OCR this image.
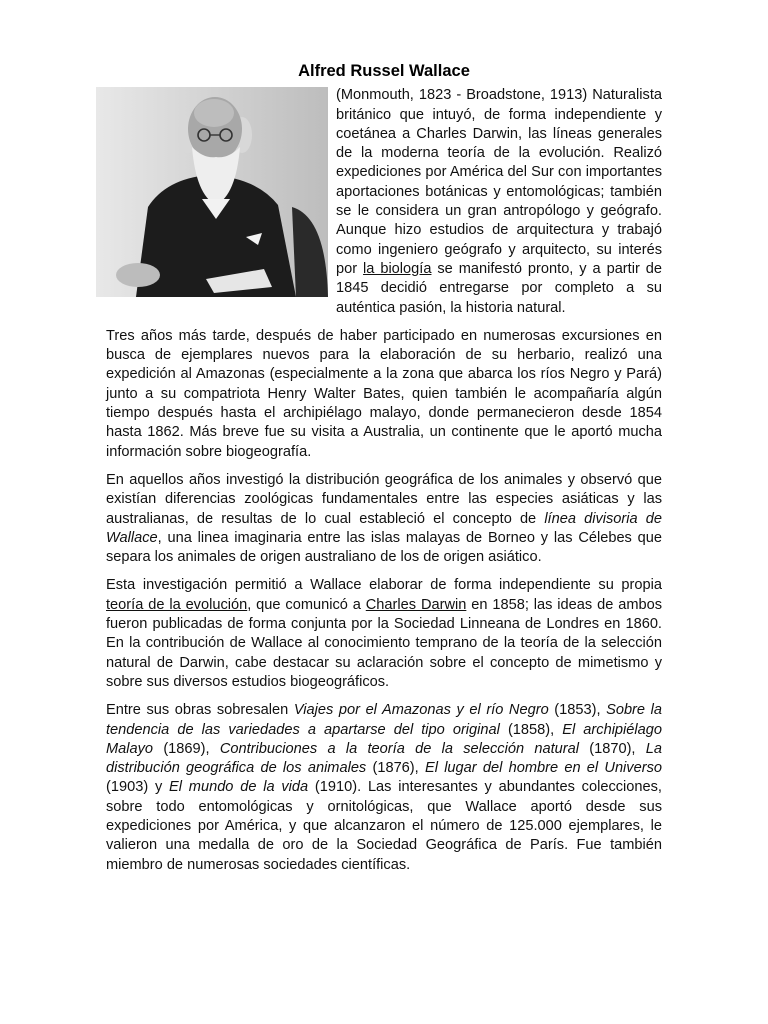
Alfred Russel Wallace

(Monmouth, 1823 - Broadstone, 1913) Naturalista británico que intuyó, de forma independiente y coetánea a Charles Darwin, las líneas generales de la moderna teoría de la evolución. Realizó expediciones por América del Sur con importantes aportaciones botánicas y entomológicas; también se le considera un gran antropólogo y geógrafo. Aunque hizo estudios de arquitectura y trabajó como ingeniero geógrafo y arquitecto, su interés por la biología se manifestó pronto, y a partir de 1845 decidió entregarse por completo a su auténtica pasión, la historia natural.

Tres años más tarde, después de haber participado en numerosas excursiones en busca de ejemplares nuevos para la elaboración de su herbario, realizó una expedición al Amazonas (especialmente a la zona que abarca los ríos Negro y Pará) junto a su compatriota Henry Walter Bates, quien también le acompañaría algún tiempo después hasta el archipiélago malayo, donde permanecieron desde 1854 hasta 1862. Más breve fue su visita a Australia, un continente que le aportó mucha información sobre biogeografía.

En aquellos años investigó la distribución geográfica de los animales y observó que existían diferencias zoológicas fundamentales entre las especies asiáticas y las australianas, de resultas de lo cual estableció el concepto de línea divisoria de Wallace, una linea imaginaria entre las islas malayas de Borneo y las Célebes que separa los animales de origen australiano de los de origen asiático.

Esta investigación permitió a Wallace elaborar de forma independiente su propia teoría de la evolución, que comunicó a Charles Darwin en 1858; las ideas de ambos fueron publicadas de forma conjunta por la Sociedad Linneana de Londres en 1860. En la contribución de Wallace al conocimiento temprano de la teoría de la selección natural de Darwin, cabe destacar su aclaración sobre el concepto de mimetismo y sobre sus diversos estudios biogeográficos.

Entre sus obras sobresalen Viajes por el Amazonas y el río Negro (1853), Sobre la tendencia de las variedades a apartarse del tipo original (1858), El archipiélago Malayo (1869), Contribuciones a la teoría de la selección natural (1870), La distribución geográfica de los animales (1876), El lugar del hombre en el Universo (1903) y El mundo de la vida (1910). Las interesantes y abundantes colecciones, sobre todo entomológicas y ornitológicas, que Wallace aportó desde sus expediciones por América, y que alcanzaron el número de 125.000 ejemplares, le valieron una medalla de oro de la Sociedad Geográfica de París. Fue también miembro de numerosas sociedades científicas.
